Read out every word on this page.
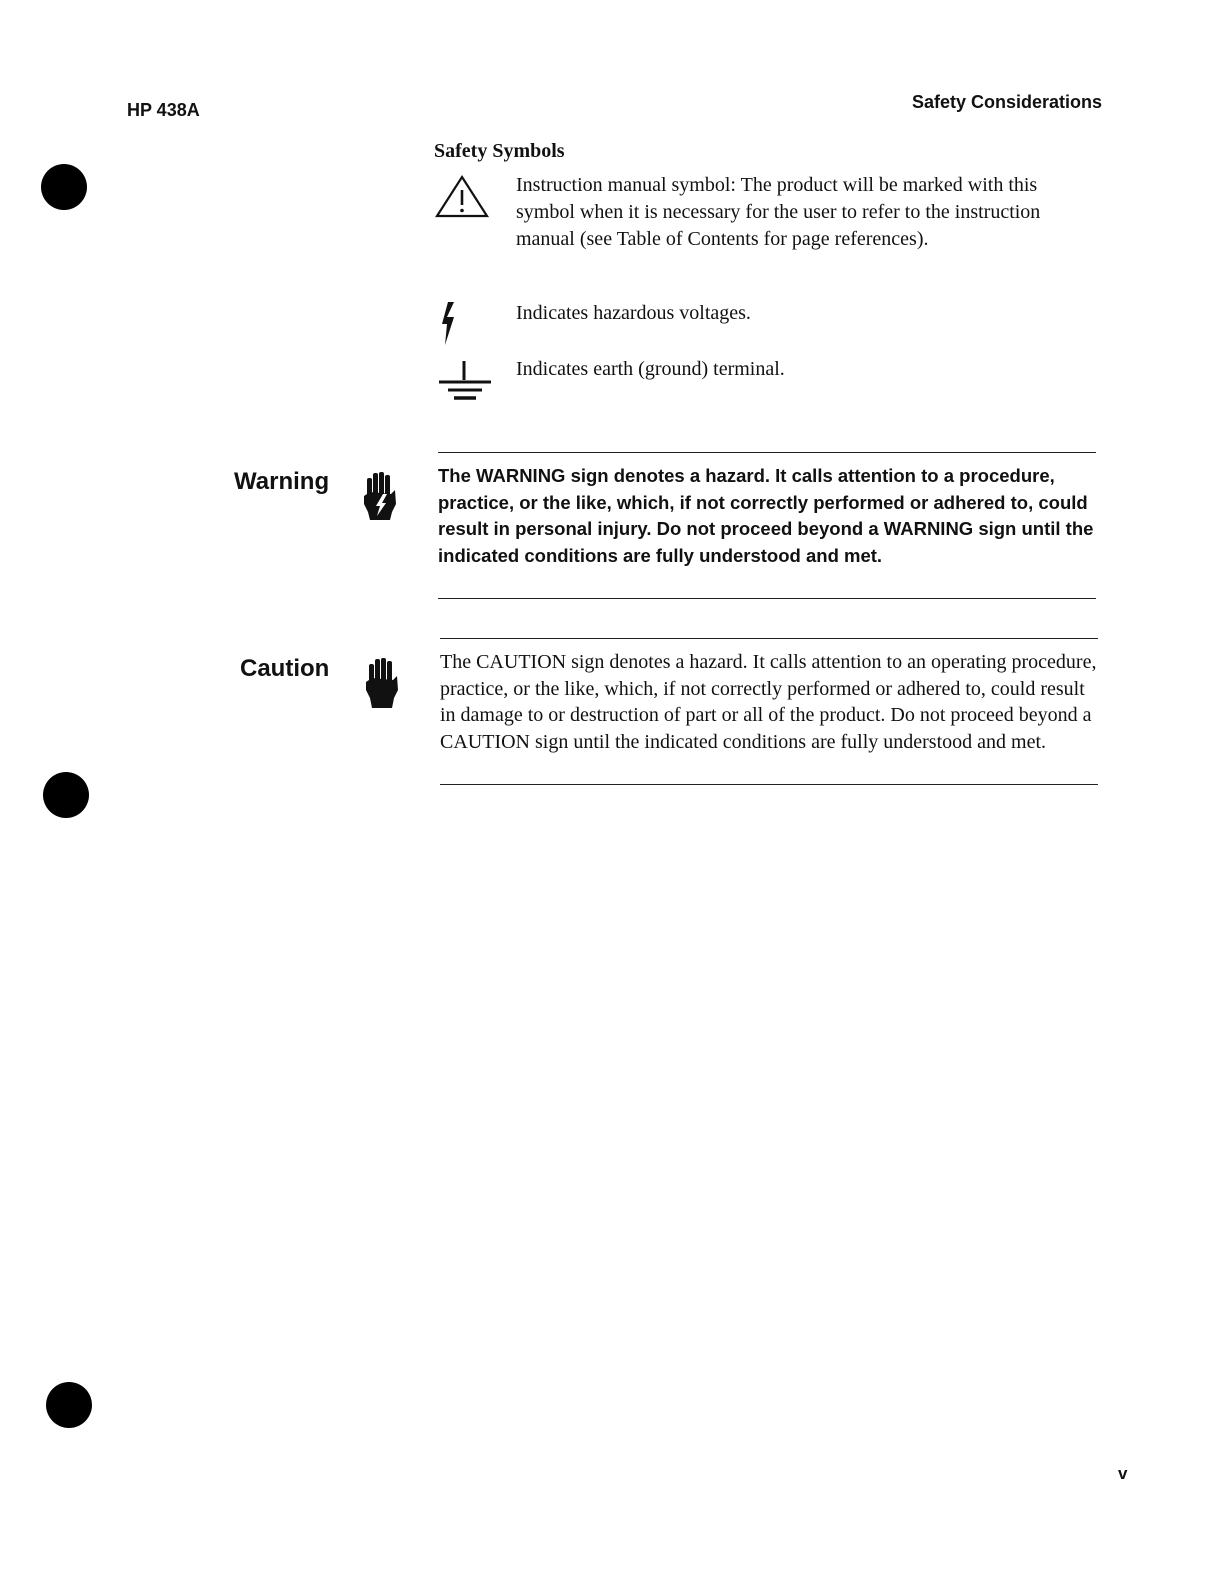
HP 438A	Safety Considerations
Safety Symbols
Instruction manual symbol: The product will be marked with this symbol when it is necessary for the user to refer to the instruction manual (see Table of Contents for page references).
Indicates hazardous voltages.
Indicates earth (ground) terminal.
Warning	The WARNING sign denotes a hazard. It calls attention to a procedure, practice, or the like, which, if not correctly performed or adhered to, could result in personal injury. Do not proceed beyond a WARNING sign until the indicated conditions are fully understood and met.
Caution	The CAUTION sign denotes a hazard. It calls attention to an operating procedure, practice, or the like, which, if not correctly performed or adhered to, could result in damage to or destruction of part or all of the product. Do not proceed beyond a CAUTION sign until the indicated conditions are fully understood and met.
v
